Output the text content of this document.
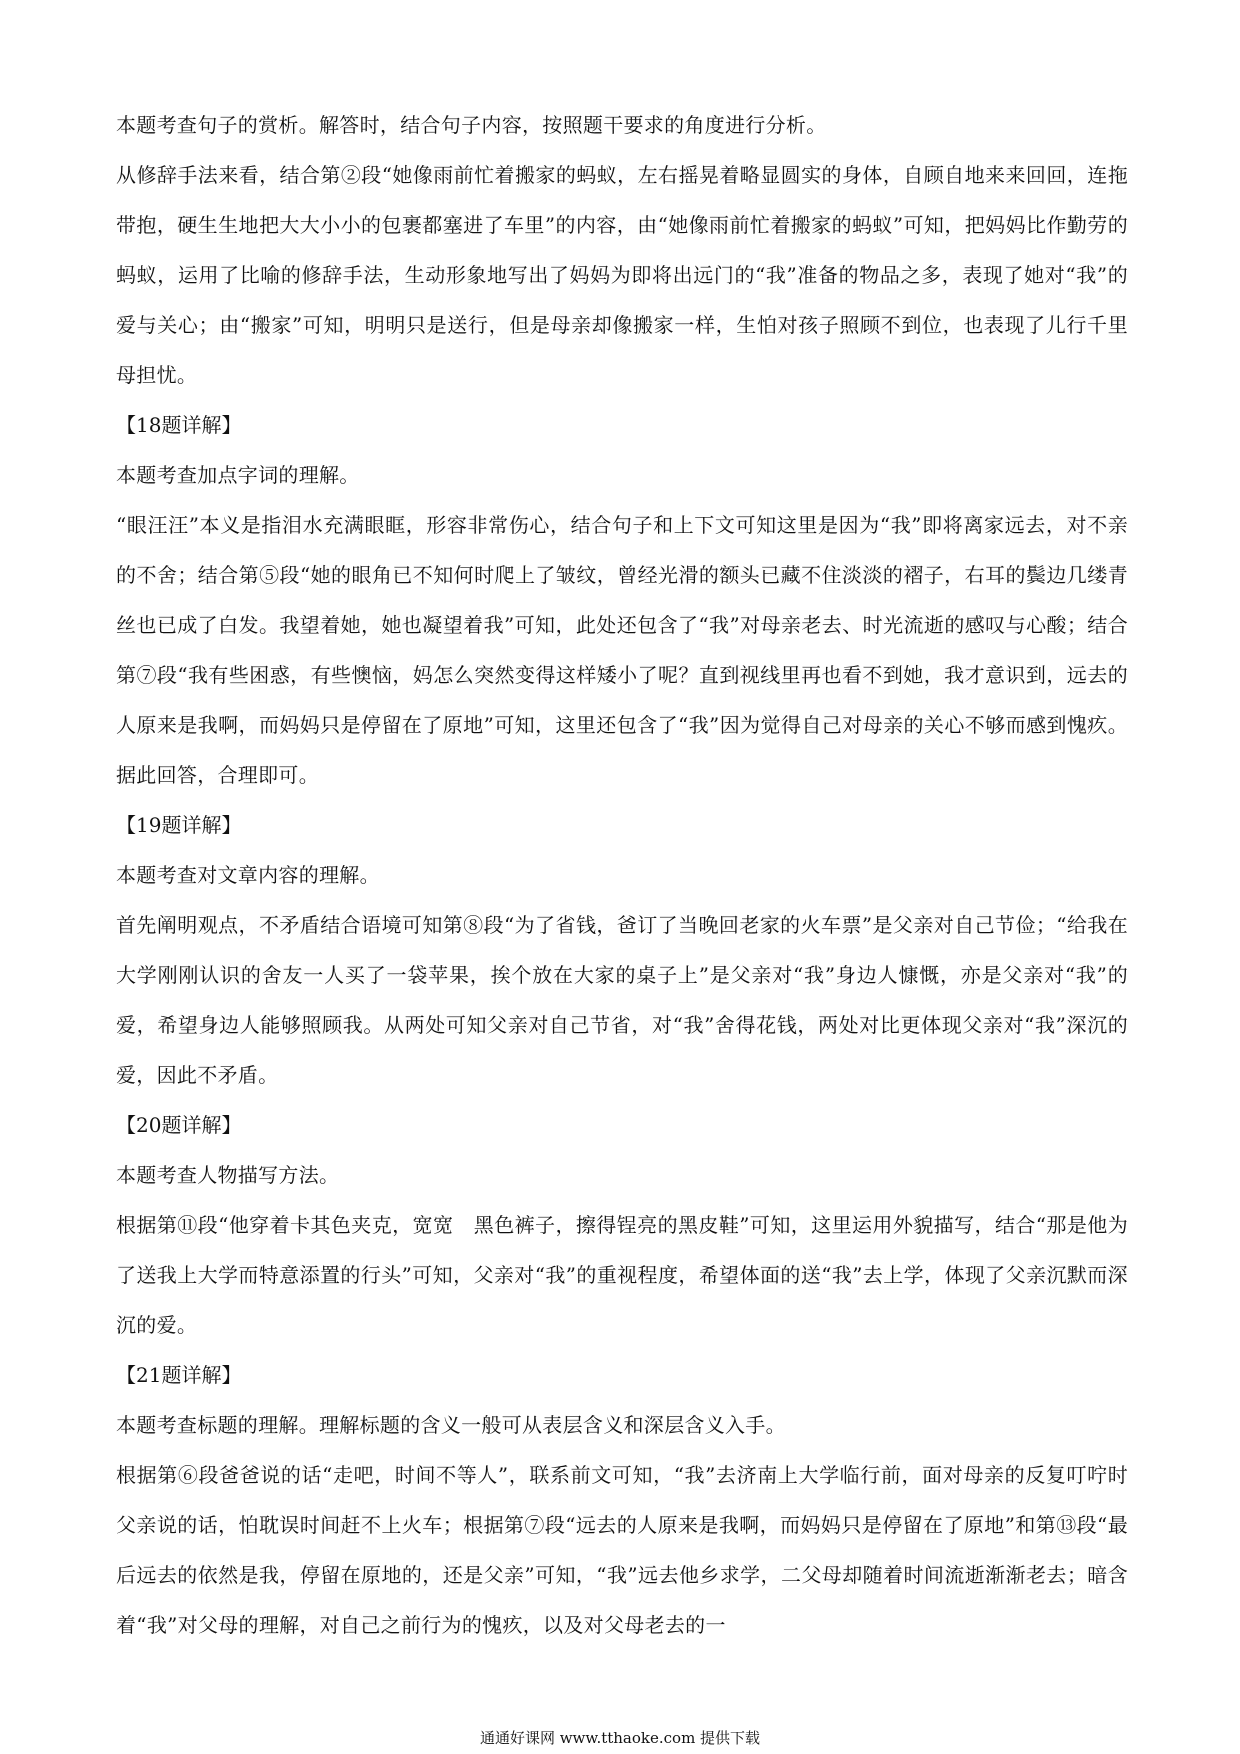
本题考查句子的赏析。解答时，结合句子内容，按照题干要求的角度进行分析。

从修辞手法来看，结合第②段“她像雨前忙着搬家的蚂蚁，左右摇晃着略显圆实的身体，自顾自地来来回回，连拖带抱，硬生生地把大大小小的包裹都塞进了车里”的内容，由“她像雨前忙着搬家的蚂蚁”可知，把妈妈比作勤劳的蚂蚁，运用了比喻的修辞手法，生动形象地写出了妈妈为即将出远门的“我”准备的物品之多，表现了她对“我”的爱与关心；由“搬家”可知，明明只是送行，但是母亲却像搬家一样，生怕对孩子照顾不到位，也表现了儿行千里母担忧。

【18题详解】

本题考查加点字词的理解。

“眼汪汪”本义是指泪水充满眼眶，形容非常伤心，结合句子和上下文可知这里是因为“我”即将离家远去，对不亲的不舍；结合第⑤段“她的眼角已不知何时爬上了皱纹，曾经光滑的额头已藏不住淡淡的褶子，右耳的鬓边几缕青丝也已成了白发。我望着她，她也凝望着我”可知，此处还包含了“我”对母亲老去、时光流逝的感叹与心酸；结合第⑦段“我有些困惑，有些懊恼，妈怎么突然变得这样矮小了呢？直到视线里再也看不到她，我才意识到，远去的人原来是我啊，而妈妈只是停留在了原地”可知，这里还包含了“我”因为觉得自己对母亲的关心不够而感到愧疚。据此回答，合理即可。

【19题详解】

本题考查对文章内容的理解。

首先阐明观点，不矛盾结合语境可知第⑧段“为了省钱，爸订了当晚回老家的火车票”是父亲对自己节俭；“给我在大学刚刚认识的舍友一人买了一袋苹果，挨个放在大家的桌子上”是父亲对“我”身边人慷慨，亦是父亲对“我”的爱，希望身边人能够照顾我。从两处可知父亲对自己节省，对“我”舍得花钱，两处对比更体现父亲对“我”深沉的爱，因此不矛盾。

【20题详解】

本题考查人物描写方法。

根据第⑪段“他穿着卡其色夹克，宽宽　黑色裤子，擦得锃亮的黑皮鞋”可知，这里运用外貌描写，结合“那是他为了送我上大学而特意添置的行头”可知，父亲对“我”的重视程度，希望体面的送“我”去上学，体现了父亲沉默而深沉的爱。

【21题详解】

本题考查标题的理解。理解标题的含义一般可从表层含义和深层含义入手。

根据第⑥段爸爸说的话“走吧，时间不等人”，联系前文可知，“我”去济南上大学临行前，面对母亲的反复叮咛时父亲说的话，怕耽误时间赶不上火车；根据第⑦段“远去的人原来是我啊，而妈妈只是停留在了原地”和第⑬段“最后远去的依然是我，停留在原地的，还是父亲”可知，“我”远去他乡求学，二父母却随着时间流逝渐渐老去；暗含着“我”对父母的理解，对自己之前行为的愧疚，以及对父母老去的一

通通好课网 www.tthaoke.com 提供下载
